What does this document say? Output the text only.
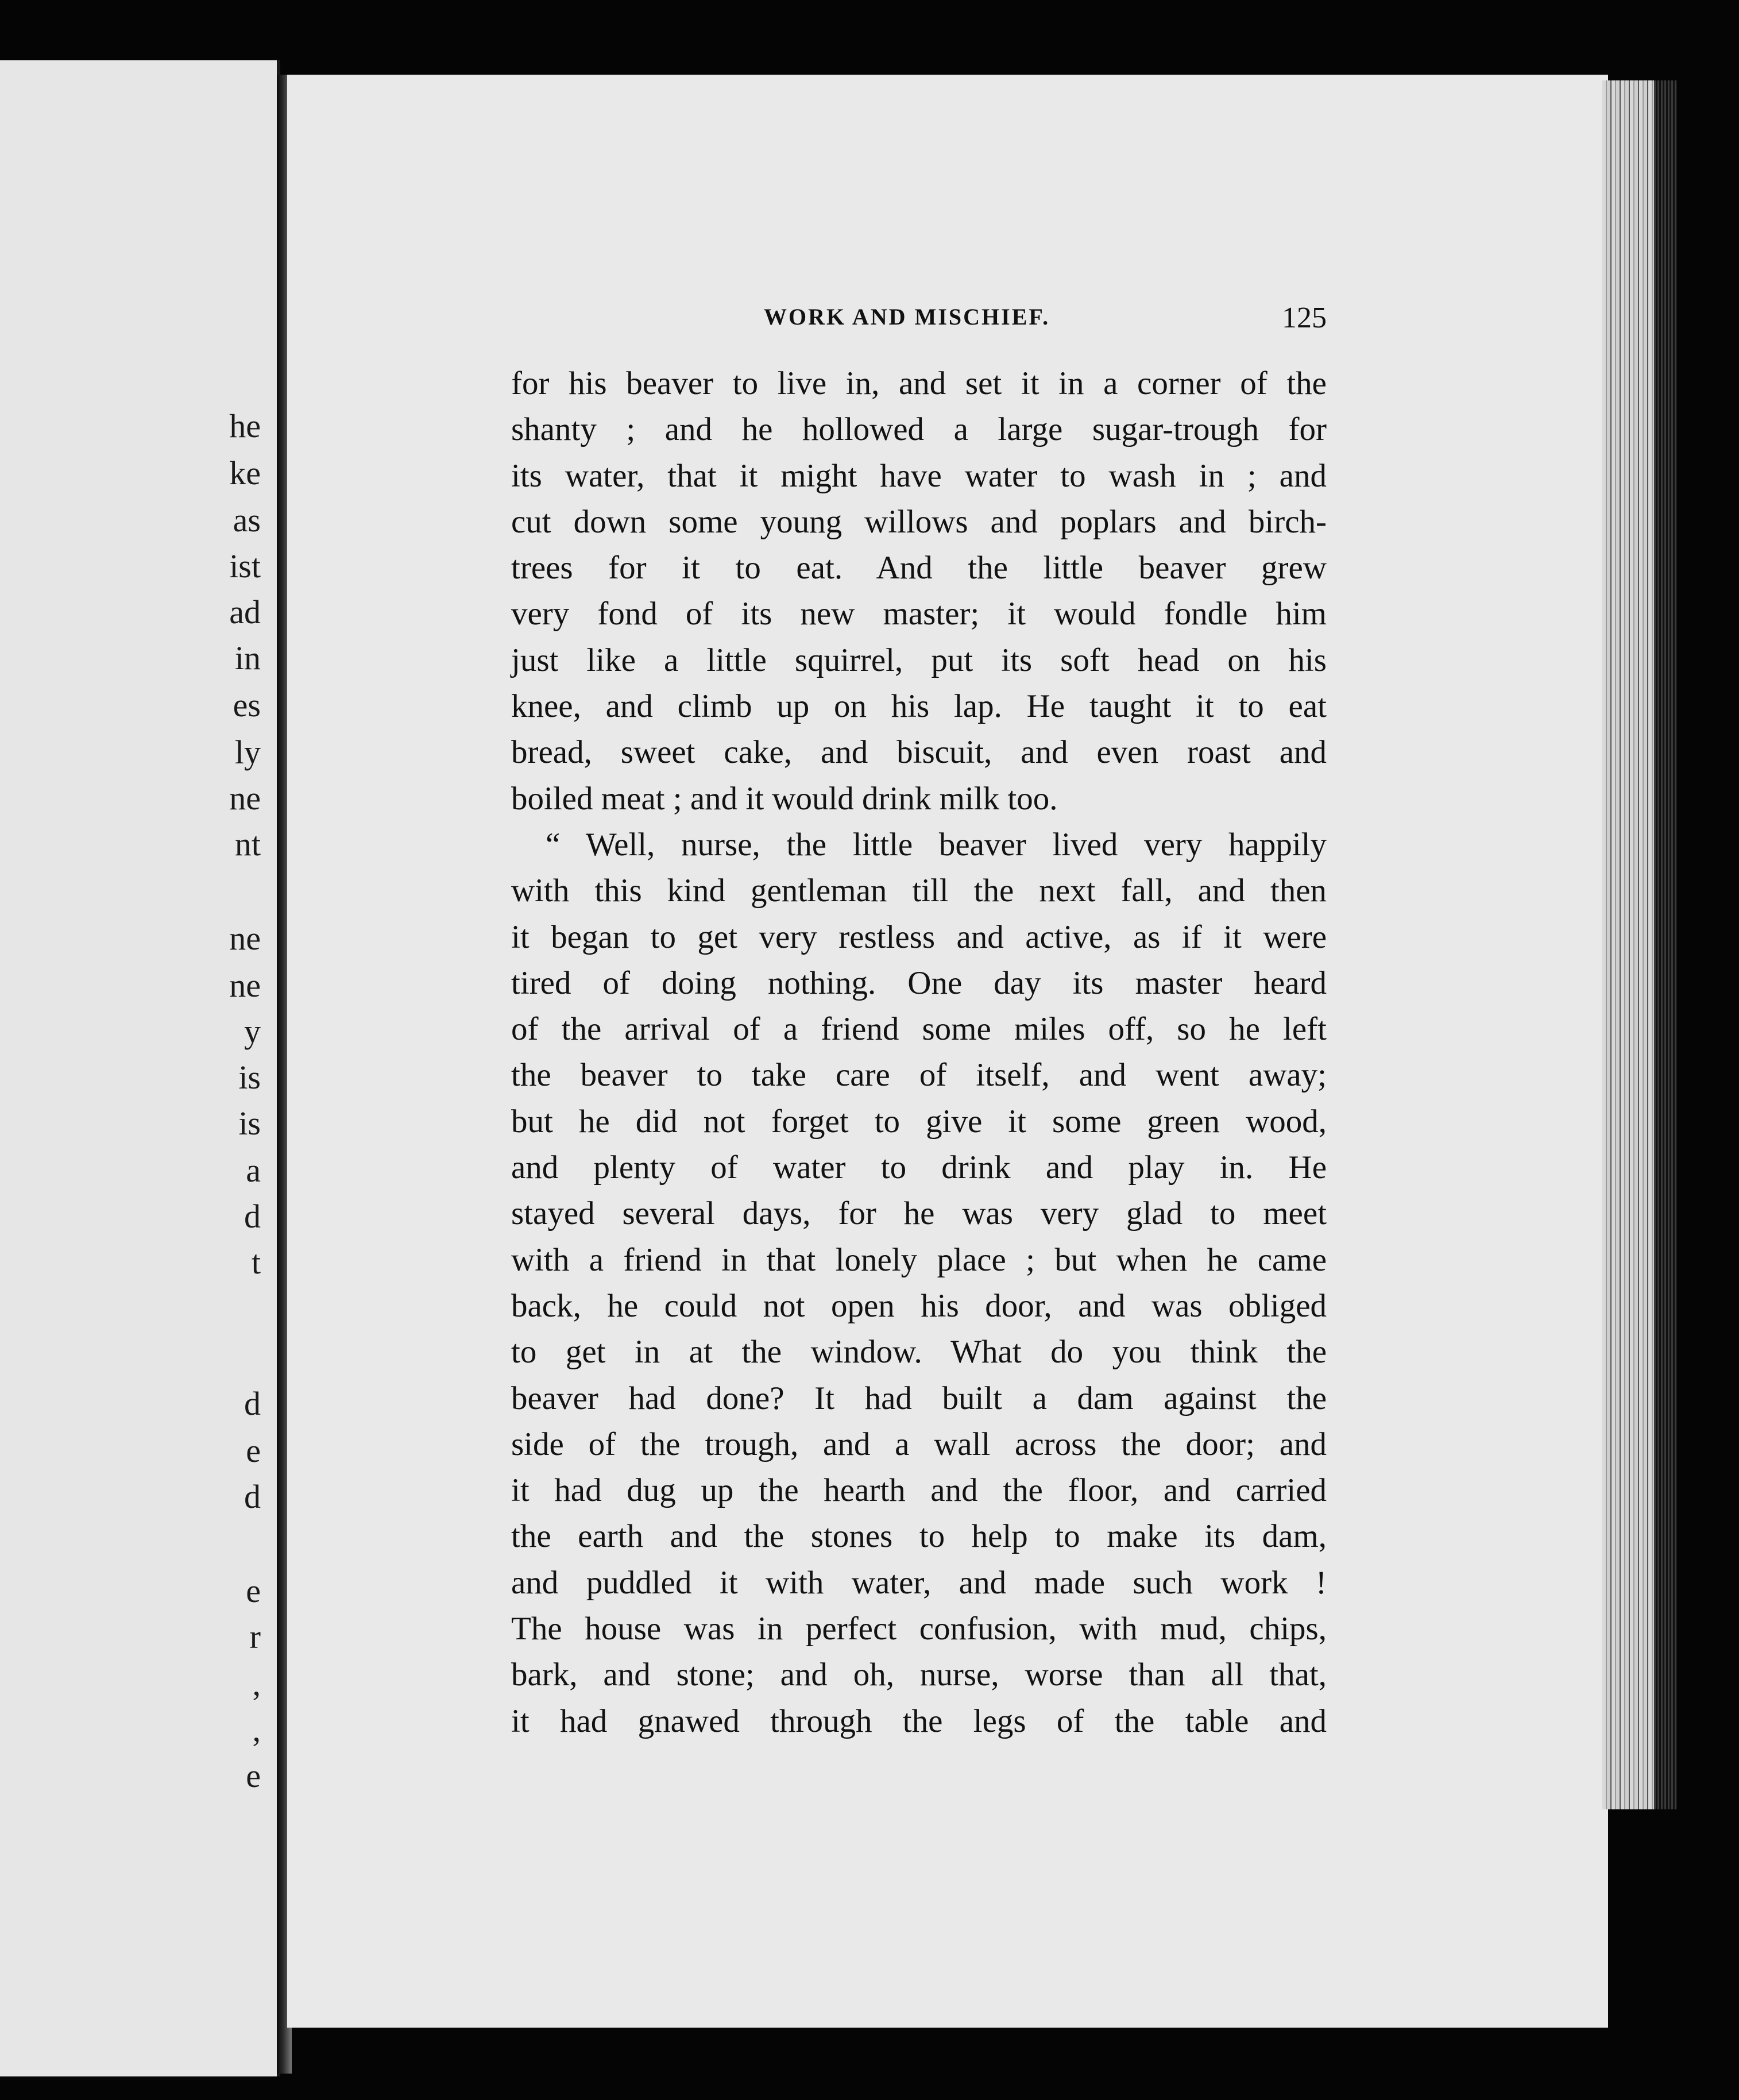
he
ke
as
ist
ad
in
es
ly
ne
nt
ne
ne
y
is
is
a
d
t
d
e
d
e
r
,
,
e
WORK AND MISCHIEF.	125
for his beaver to live in, and set it in a corner of the
shanty ; and he hollowed a large sugar-trough for
its water, that it might have water to wash in ; and
cut down some young willows and poplars and birch-
trees for it to eat. And the little beaver grew
very fond of its new master; it would fondle him
just like a little squirrel, put its soft head on his
knee, and climb up on his lap. He taught it to eat
bread, sweet cake, and biscuit, and even roast and
boiled meat ; and it would drink milk too.
“ Well, nurse, the little beaver lived very happily
with this kind gentleman till the next fall, and then
it began to get very restless and active, as if it were
tired of doing nothing. One day its master heard
of the arrival of a friend some miles off, so he left
the beaver to take care of itself, and went away;
but he did not forget to give it some green wood,
and plenty of water to drink and play in. He
stayed several days, for he was very glad to meet
with a friend in that lonely place ; but when he came
back, he could not open his door, and was obliged
to get in at the window. What do you think the
beaver had done? It had built a dam against the
side of the trough, and a wall across the door; and
it had dug up the hearth and the floor, and carried
the earth and the stones to help to make its dam,
and puddled it with water, and made such work !
The house was in perfect confusion, with mud, chips,
bark, and stone; and oh, nurse, worse than all that,
it had gnawed through the legs of the table and
